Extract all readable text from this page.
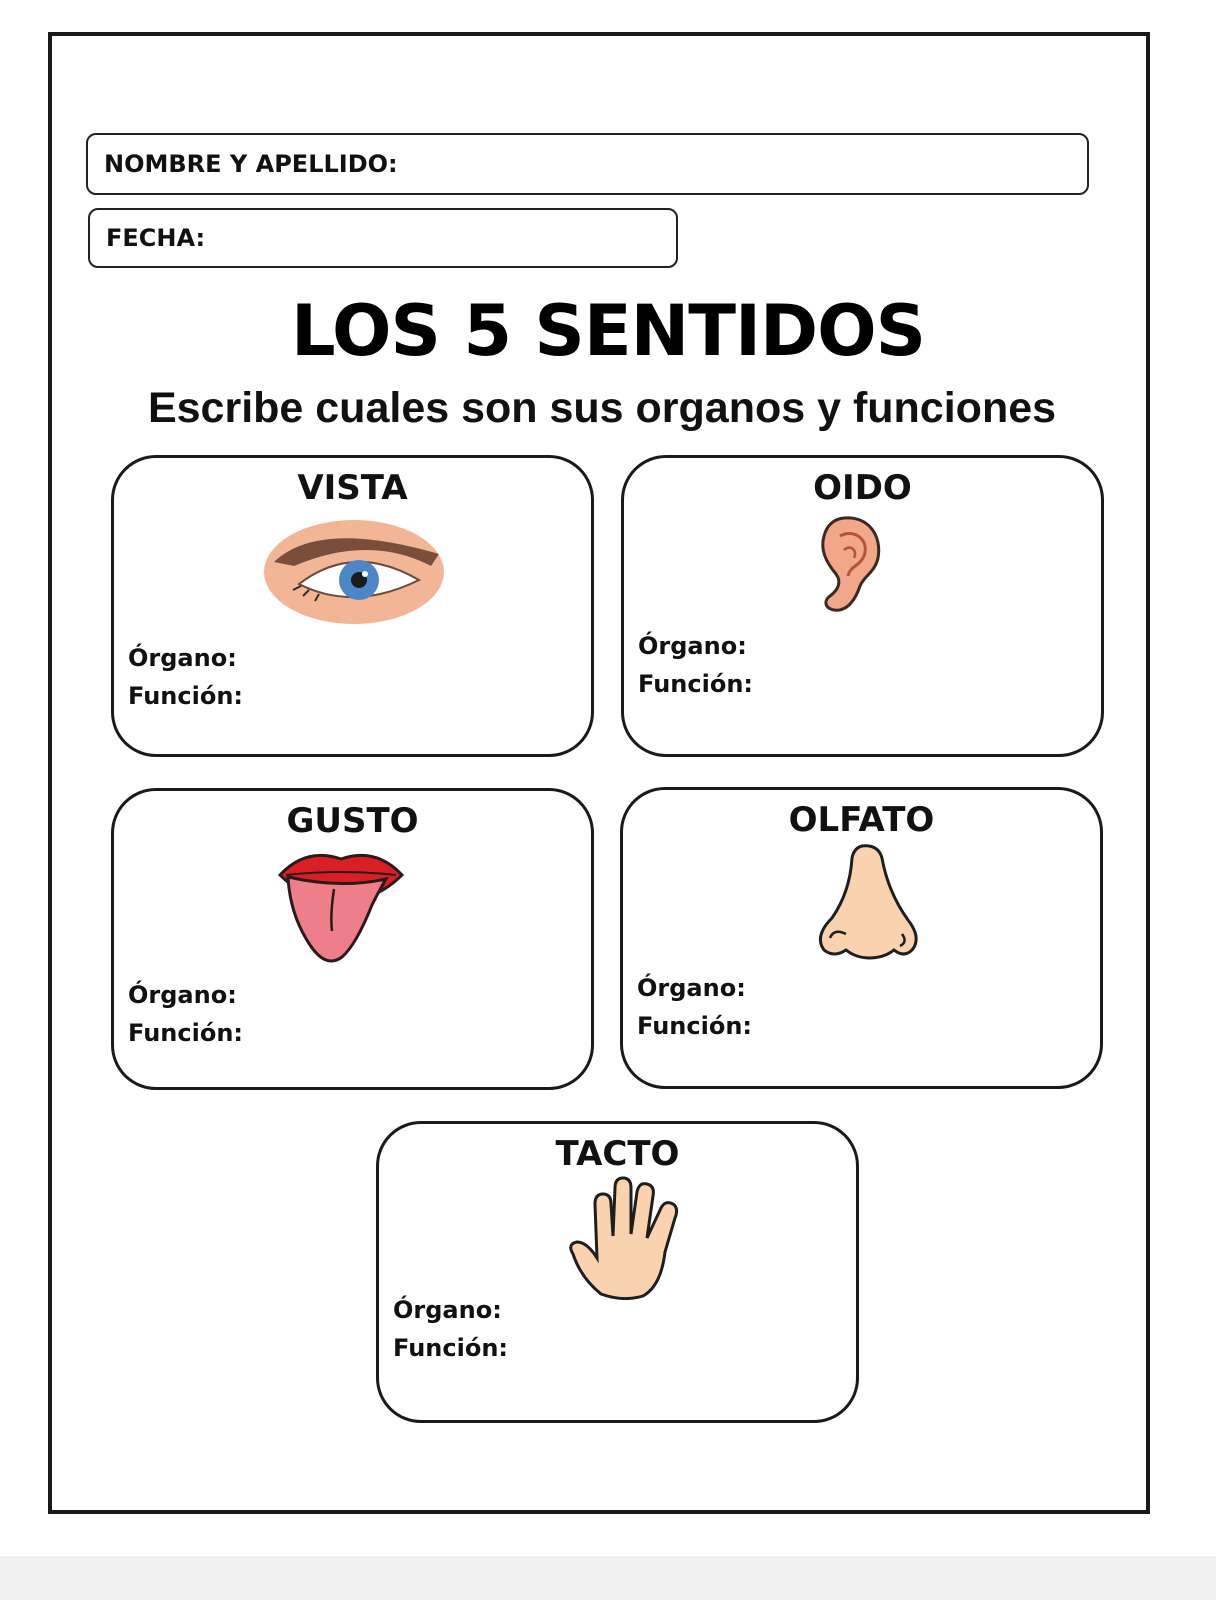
NOMBRE Y APELLIDO:
FECHA:
LOS 5 SENTIDOS

Escribe cuales son sus organos y funciones

VISTA
Órgano:
Función:
OIDO
Órgano:
Función:
GUSTO
Órgano:
Función:
OLFATO
Órgano:
Función:
TACTO
Órgano:
Función:
